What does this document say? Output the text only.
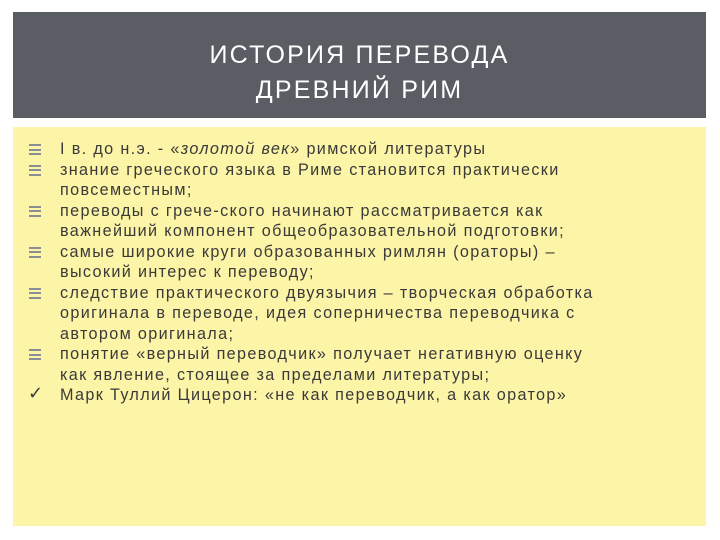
ИСТОРИЯ ПЕРЕВОДА
ДРЕВНИЙ РИМ
I в. до н.э. - «золотой век» римской литературы
знание греческого языка в Риме становится практически
повсеместным;
переводы с грече-ского начинают рассматривается как
важнейший компонент общеобразовательной подготовки;
самые широкие круги образованных римлян (ораторы) –
высокий интерес к переводу;
следствие практического двуязычия – творческая обработка
оригинала в переводе, идея соперничества переводчика с
автором оригинала;
понятие «верный переводчик» получает негативную оценку
как явление, стоящее за пределами литературы;
✓ Марк Туллий Цицерон: «не как переводчик, а как оратор»
